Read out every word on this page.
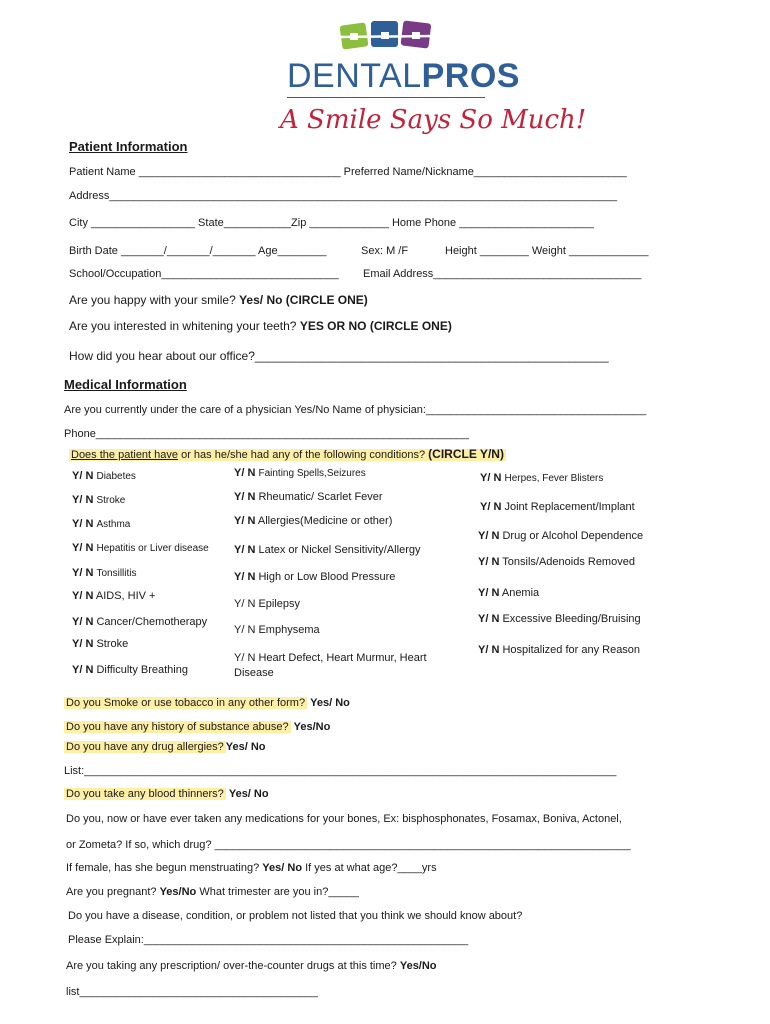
DENTALPROS
A Smile Says So Much!
Patient Information
Patient Name _________________________________ Preferred Name/Nickname_________________________
Address___________________________________________________________________________________
City _________________ State___________Zip _____________ Home Phone ______________________
Birth Date _______/_______/_______ Age________	Sex: M /F	Height ________ Weight _____________
School/Occupation_____________________________ Email Address__________________________________
Are you happy with your smile? Yes/ No (CIRCLE ONE)
Are you interested in whitening your teeth? YES OR NO (CIRCLE ONE)
How did you hear about our office?_____________________________________________________
Medical Information
Are you currently under the care of a physician Yes/No Name of physician:____________________________________
Phone_____________________________________________________________
Does the patient have or has he/she had any of the following conditions? (CIRCLE Y/N)
Y/ N Diabetes
Y/ N Stroke
Y/ N Asthma
Y/ N Hepatitis or Liver disease
Y/ N Tonsillitis
Y/ N AIDS, HIV +
Y/ N Cancer/Chemotherapy
Y/ N Stroke
Y/ N Difficulty Breathing
Y/ N Fainting Spells,Seizures
Y/ N Rheumatic/ Scarlet Fever
Y/ N Allergies(Medicine or other)
Y/ N Latex or Nickel Sensitivity/Allergy
Y/ N High or Low Blood Pressure
Y/ N Epilepsy
Y/ N Emphysema
Y/ N Heart Defect, Heart Murmur, Heart
Disease
Y/ N Herpes, Fever Blisters
Y/ N Joint Replacement/Implant
Y/ N Drug or Alcohol Dependence
Y/ N Tonsils/Adenoids Removed
Y/ N Anemia
Y/ N Excessive Bleeding/Bruising
Y/ N Hospitalized for any Reason
Do you Smoke or use tobacco in any other form? Yes/ No
Do you have any history of substance abuse? Yes/No
Do you have any drug allergies? Yes/ No
List:_______________________________________________________________________________________
Do you take any blood thinners? Yes/ No
Do you, now or have ever taken any medications for your bones, Ex: bisphosphonates, Fosamax, Boniva, Actonel,
or Zometa? If so, which drug? ____________________________________________________________________
If female, has she begun menstruating? Yes/ No If yes at what age?____yrs
Are you pregnant? Yes/No What trimester are you in?_____
Do you have a disease, condition, or problem not listed that you think we should know about?
Please Explain:_____________________________________________________
Are you taking any prescription/ over-the-counter drugs at this time? Yes/No
list_______________________________________
